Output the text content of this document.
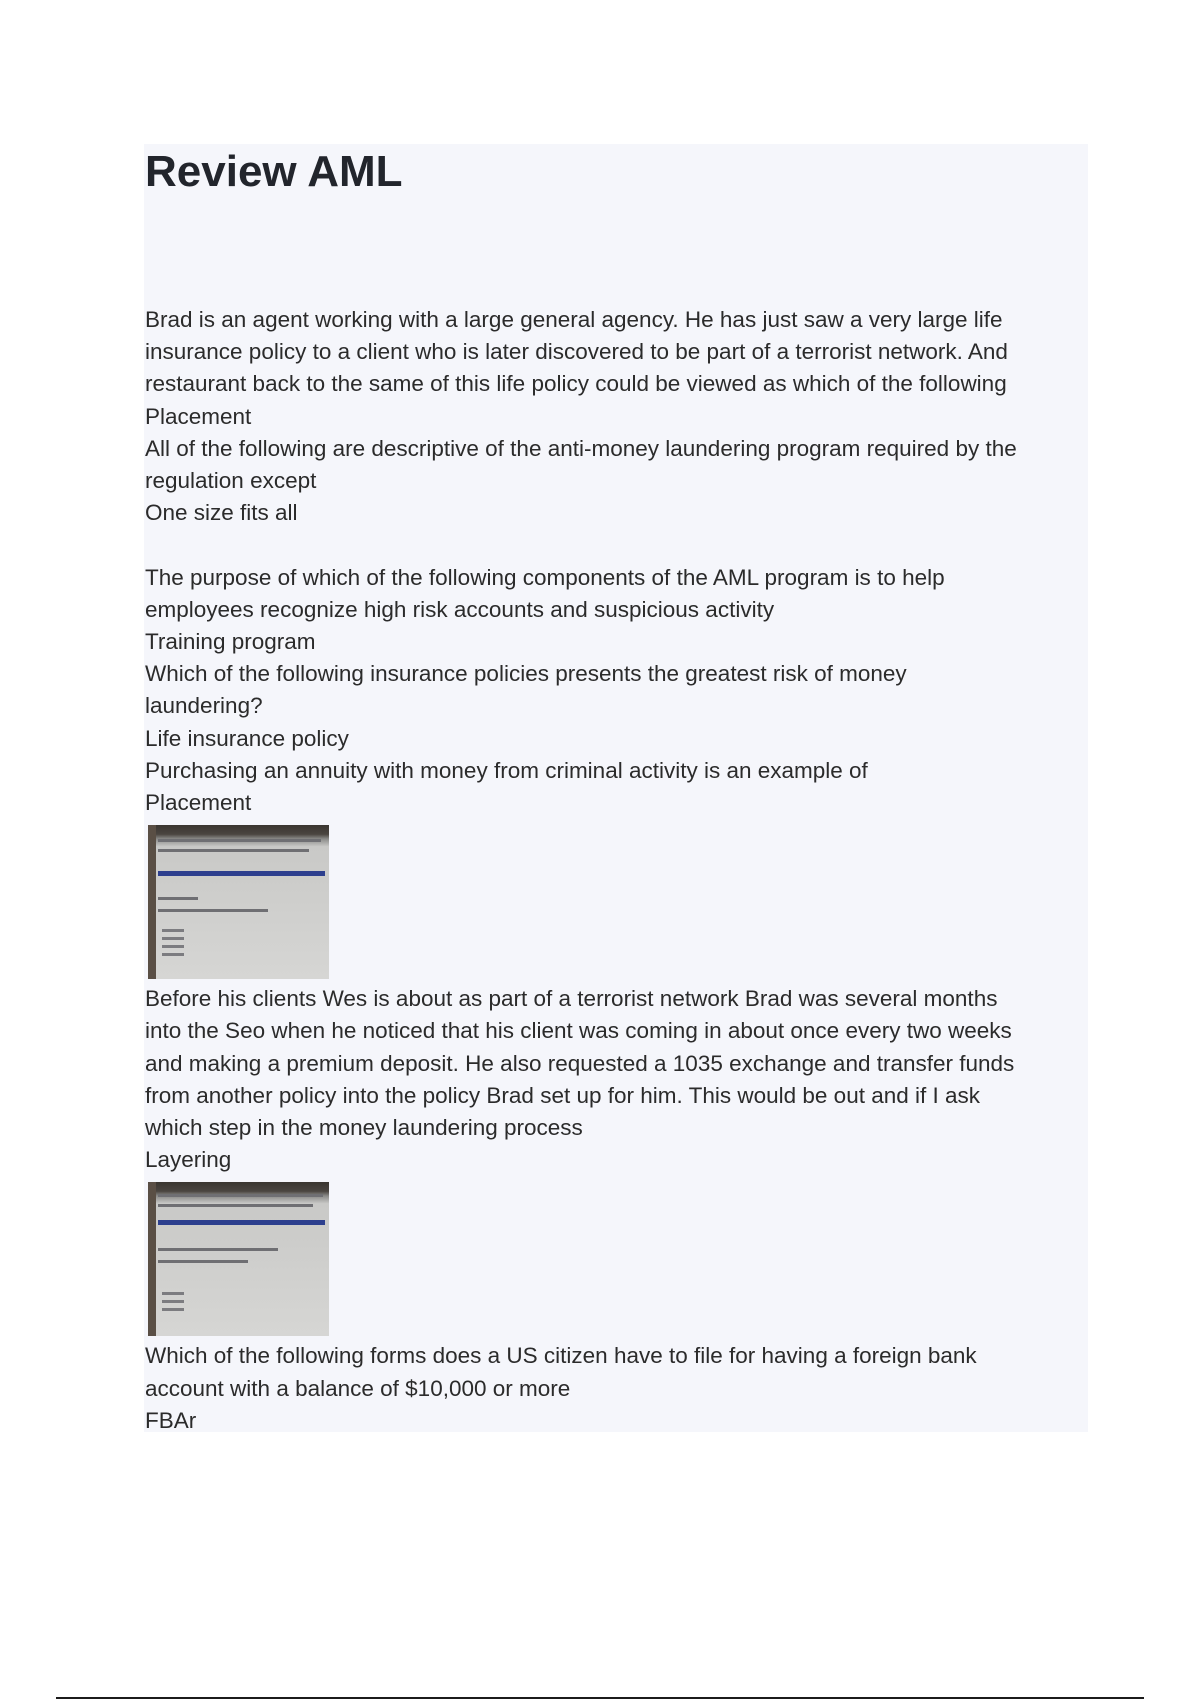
Review AML
Brad is an agent working with a large general agency. He has just saw a very large life
insurance policy to a client who is later discovered to be part of a terrorist network. And
restaurant back to the same of this life policy could be viewed as which of the following
Placement
All of the following are descriptive of the anti-money laundering program required by the
regulation except
One size fits all
The purpose of which of the following components of the AML program is to help
employees recognize high risk accounts and suspicious activity
Training program
Which of the following insurance policies presents the greatest risk of money
laundering?
Life insurance policy
Purchasing an annuity with money from criminal activity is an example of
Placement
Before his clients Wes is about as part of a terrorist network Brad was several months
into the Seo when he noticed that his client was coming in about once every two weeks
and making a premium deposit. He also requested a 1035 exchange and transfer funds
from another policy into the policy Brad set up for him. This would be out and if I ask
which step in the money laundering process
Layering
Which of the following forms does a US citizen have to file for having a foreign bank
account with a balance of $10,000 or more
FBAr
